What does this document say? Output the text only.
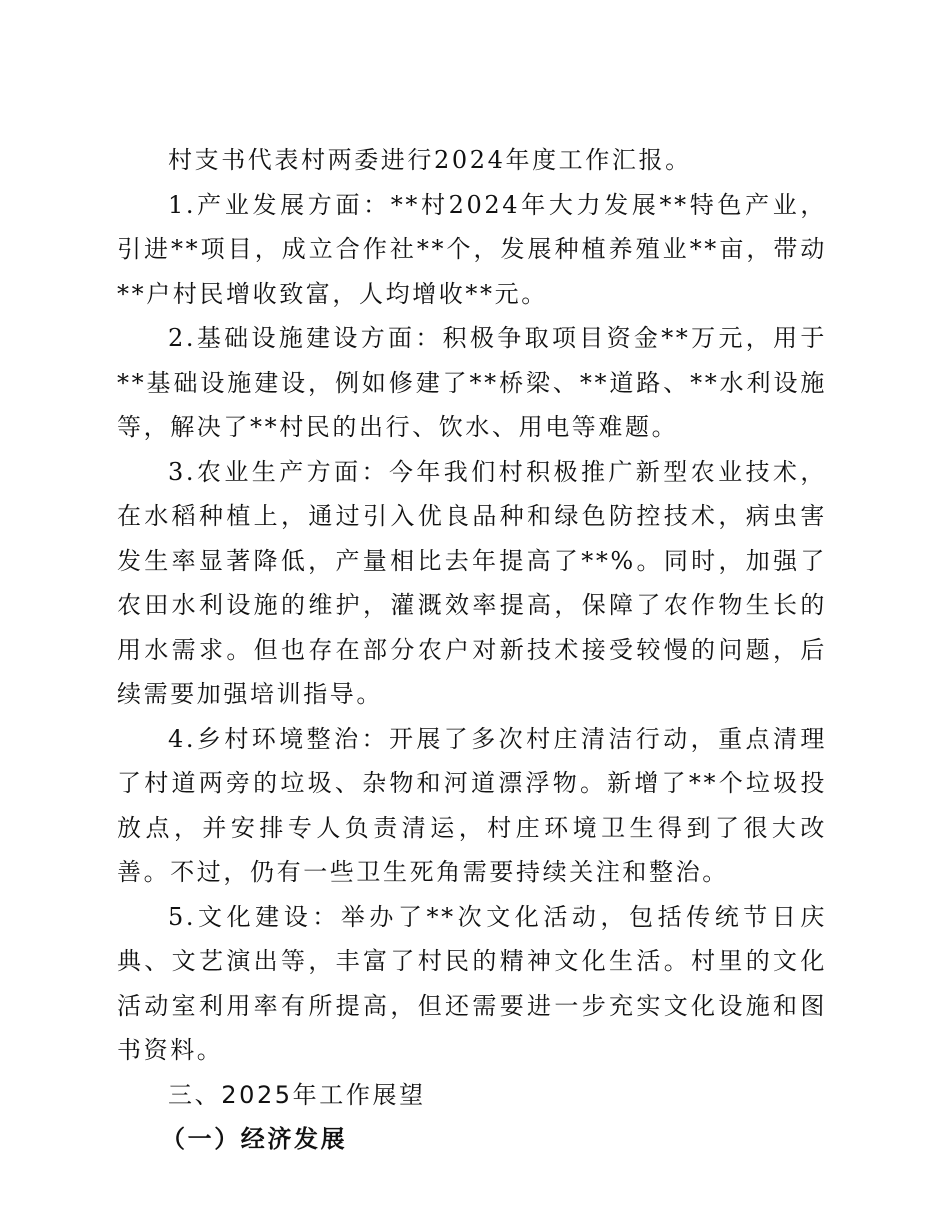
村支书代表村两委进行2024年度工作汇报。

1.产业发展方面：**村2024年大力发展**特色产业，引进**项目，成立合作社**个，发展种植养殖业**亩，带动**户村民增收致富，人均增收**元。

2.基础设施建设方面：积极争取项目资金**万元，用于**基础设施建设，例如修建了**桥梁、**道路、**水利设施等，解决了**村民的出行、饮水、用电等难题。

3.农业生产方面：今年我们村积极推广新型农业技术，在水稻种植上，通过引入优良品种和绿色防控技术，病虫害发生率显著降低，产量相比去年提高了**%。同时，加强了农田水利设施的维护，灌溉效率提高，保障了农作物生长的用水需求。但也存在部分农户对新技术接受较慢的问题，后续需要加强培训指导。

4.乡村环境整治：开展了多次村庄清洁行动，重点清理了村道两旁的垃圾、杂物和河道漂浮物。新增了**个垃圾投放点，并安排专人负责清运，村庄环境卫生得到了很大改善。不过，仍有一些卫生死角需要持续关注和整治。

5.文化建设：举办了**次文化活动，包括传统节日庆典、文艺演出等，丰富了村民的精神文化生活。村里的文化活动室利用率有所提高，但还需要进一步充实文化设施和图书资料。

三、2025年工作展望

（一）经济发展
